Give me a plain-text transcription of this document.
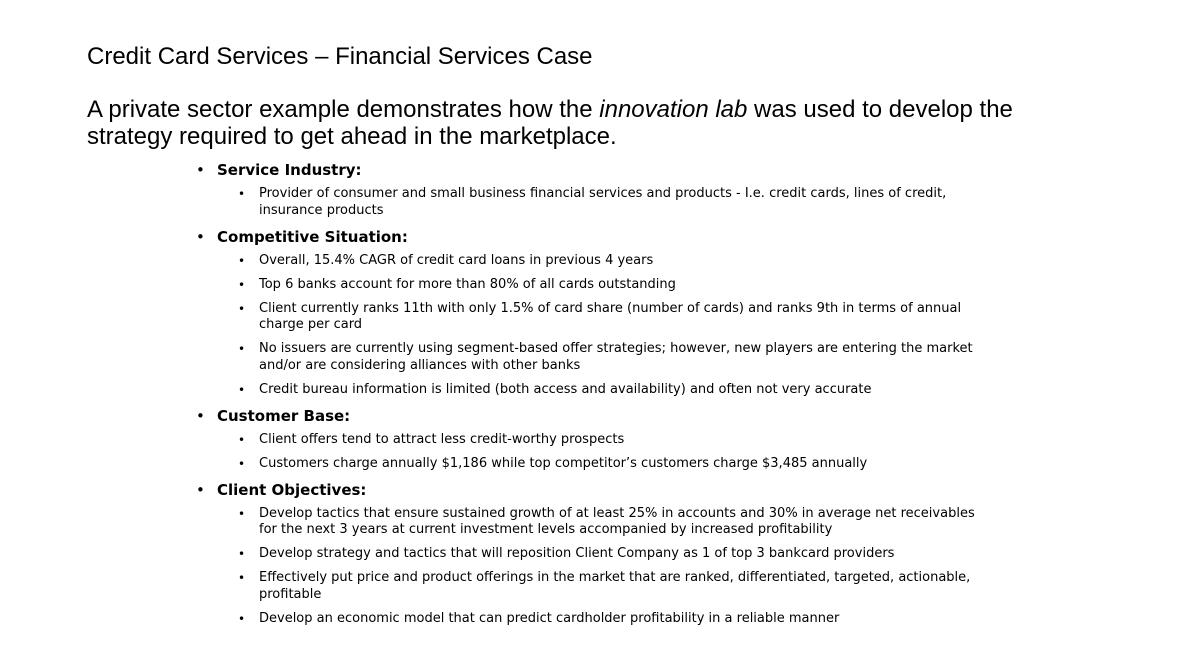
Credit Card Services – Financial Services Case
A private sector example demonstrates how the innovation lab was used to develop the strategy required to get ahead in the marketplace.
• Service Industry:
• Provider of consumer and small business financial services and products - I.e. credit cards, lines of credit, insurance products
• Competitive Situation:
• Overall, 15.4% CAGR of credit card loans in previous 4 years
• Top 6 banks account for more than 80% of all cards outstanding
• Client currently ranks 11th with only 1.5% of card share (number of cards) and ranks 9th in terms of annual charge per card
• No issuers are currently using segment-based offer strategies; however, new players are entering the market and/or are considering alliances with other banks
• Credit bureau information is limited (both access and availability) and often not very accurate
• Customer Base:
• Client offers tend to attract less credit-worthy prospects
• Customers charge annually $1,186 while top competitor’s customers charge $3,485 annually
• Client Objectives:
• Develop tactics that ensure sustained growth of at least 25% in accounts and 30% in average net receivables for the next 3 years at current investment levels accompanied by increased profitability
• Develop strategy and tactics that will reposition Client Company as 1 of top 3 bankcard providers
• Effectively put price and product offerings in the market that are ranked, differentiated, targeted, actionable, profitable
• Develop an economic model that can predict cardholder profitability in a reliable manner
